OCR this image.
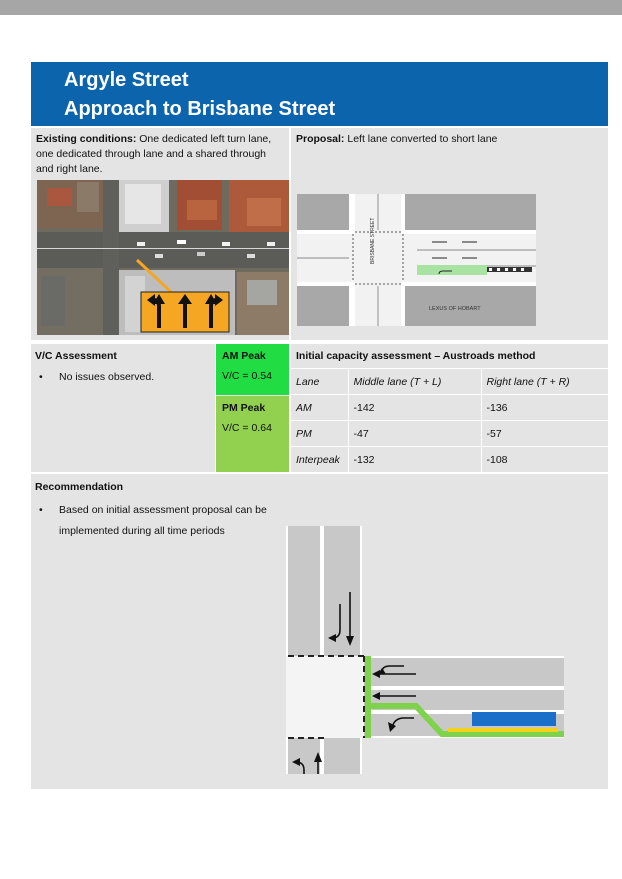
Argyle Street
Approach to Brisbane Street
Existing conditions: One dedicated left turn lane, one dedicated through lane and a shared through and right lane.
Proposal: Left lane converted to short lane
BRISBANE STREET
LEXUS OF HOBART
V/C Assessment
• No issues observed.
AM Peak
V/C = 0.54
PM Peak
V/C = 0.64
Initial capacity assessment – Austroads method
Lane	Middle lane (T + L)	Right lane (T + R)
AM	-142	-136
PM	-47	-57
Interpeak	-132	-108
Recommendation
•	Based on initial assessment proposal can be implemented during all time periods
